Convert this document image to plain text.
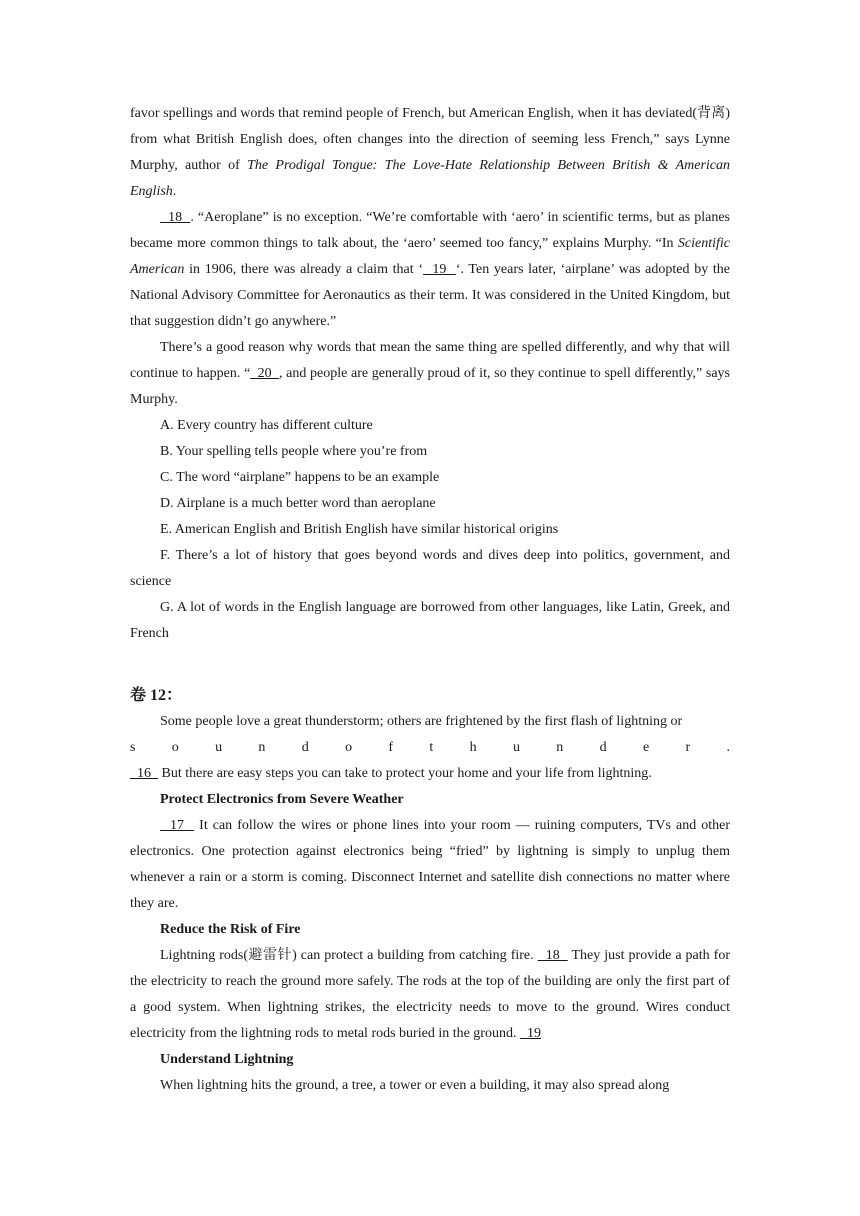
favor spellings and words that remind people of French, but American English, when it has deviated(背离) from what British English does, often changes into the direction of seeming less French,” says Lynne Murphy, author of The Prodigal Tongue: The Love-Hate Relationship Between British & American English.

18  . “Aeroplane” is no exception. “We’re comfortable with ‘aero’ in scientific terms, but as planes became more common things to talk about, the ‘aero’ seemed too fancy,” explains Murphy. “In Scientific American in 1906, there was already a claim that ‘  19  ‘. Ten years later, ‘airplane’ was adopted by the National Advisory Committee for Aeronautics as their term. It was considered in the United Kingdom, but that suggestion didn’t go anywhere.”

There’s a good reason why words that mean the same thing are spelled differently, and why that will continue to happen. “  20  , and people are generally proud of it, so they continue to spell differently,” says Murphy.

A. Every country has different culture

B. Your spelling tells people where you’re from

C. The word “airplane” happens to be an example

D. Airplane is a much better word than aeroplane

E. American English and British English have similar historical origins

F. There’s a lot of history that goes beyond words and dives deep into politics, government, and science

G. A lot of words in the English language are borrowed from other languages, like Latin, Greek, and French

卷 12：

Some people love a great thunderstorm; others are frightened by the first flash of lightning or

s o u n d o f t h u n d e r .

16   But there are easy steps you can take to protect your home and your life from lightning.

Protect Electronics from Severe Weather

17   It can follow the wires or phone lines into your room — ruining computers, TVs and other electronics. One protection against electronics being “fried” by lightning is simply to unplug them whenever a rain or a storm is coming. Disconnect Internet and satellite dish connections no matter where they are.

Reduce the Risk of Fire

Lightning rods(避雷针) can protect a building from catching fire.   18   They just provide a path for the electricity to reach the ground more safely. The rods at the top of the building are only the first part of a good system. When lightning strikes, the electricity needs to move to the ground. Wires conduct electricity from the lightning rods to metal rods buried in the ground.   19

Understand Lightning

When lightning hits the ground, a tree, a tower or even a building, it may also spread along
